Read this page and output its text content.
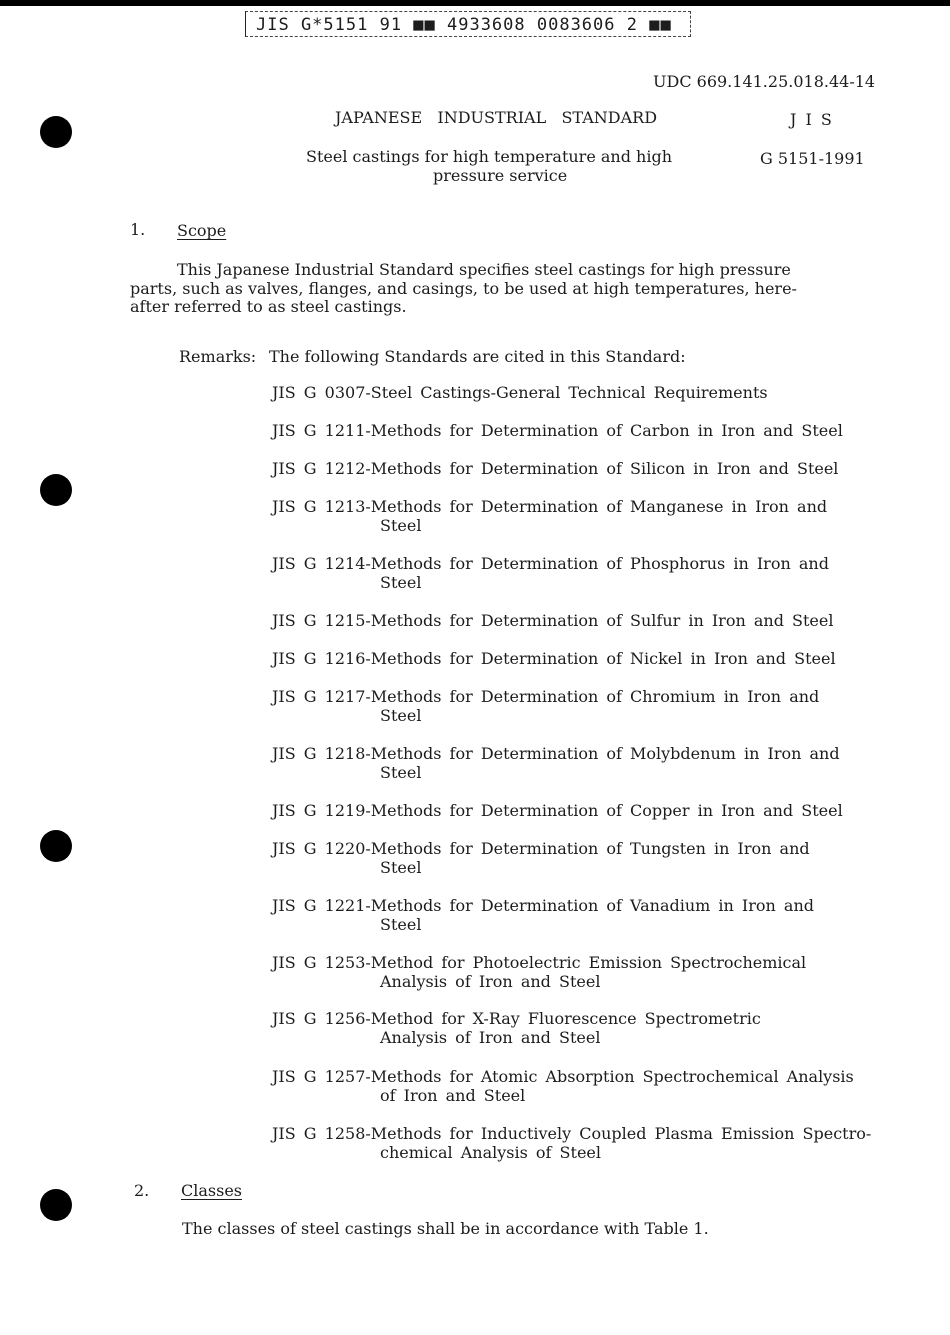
JIS G*5151 91 ■■ 4933608 0083606 2 ■■
UDC 669.141.25.018.44-14
JAPANESE   INDUSTRIAL   STANDARD	J I S
Steel castings for high temperature and high
pressure service
G 5151-1991
1. Scope
This Japanese Industrial Standard specifies steel castings for high pressure
parts, such as valves, flanges, and casings, to be used at high temperatures, here-
after referred to as steel castings.
Remarks: The following Standards are cited in this Standard:
JIS G 0307-Steel Castings-General Technical Requirements
JIS G 1211-Methods for Determination of Carbon in Iron and Steel
JIS G 1212-Methods for Determination of Silicon in Iron and Steel
JIS G 1213-Methods for Determination of Manganese in Iron and
Steel
JIS G 1214-Methods for Determination of Phosphorus in Iron and
Steel
JIS G 1215-Methods for Determination of Sulfur in Iron and Steel
JIS G 1216-Methods for Determination of Nickel in Iron and Steel
JIS G 1217-Methods for Determination of Chromium in Iron and
Steel
JIS G 1218-Methods for Determination of Molybdenum in Iron and
Steel
JIS G 1219-Methods for Determination of Copper in Iron and Steel
JIS G 1220-Methods for Determination of Tungsten in Iron and
Steel
JIS G 1221-Methods for Determination of Vanadium in Iron and
Steel
JIS G 1253-Method for Photoelectric Emission Spectrochemical
Analysis of Iron and Steel
JIS G 1256-Method for X-Ray Fluorescence Spectrometric
Analysis of Iron and Steel
JIS G 1257-Methods for Atomic Absorption Spectrochemical Analysis
of Iron and Steel
JIS G 1258-Methods for Inductively Coupled Plasma Emission Spectro-
chemical Analysis of Steel
2. Classes
The classes of steel castings shall be in accordance with Table 1.
